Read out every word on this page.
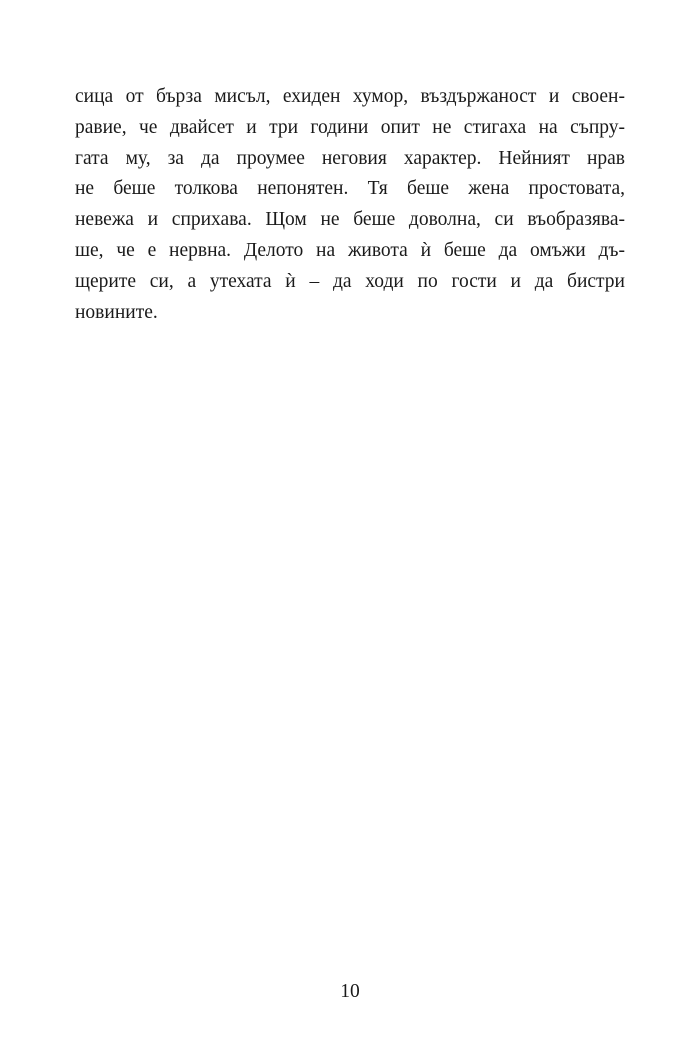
сица от бърза мисъл, ехиден хумор, въздържаност и своен-
равие, че двайсет и три години опит не стигаха на съпру-
гата му, за да проумее неговия характер. Нейният нрав
не беше толкова непонятен. Тя беше жена простовата,
невежа и сприхава. Щом не беше доволна, си въобразява-
ше, че е нервна. Делото на живота ѝ беше да омъжи дъ-
щерите си, а утехата ѝ – да ходи по гости и да бистри
новините.
10
